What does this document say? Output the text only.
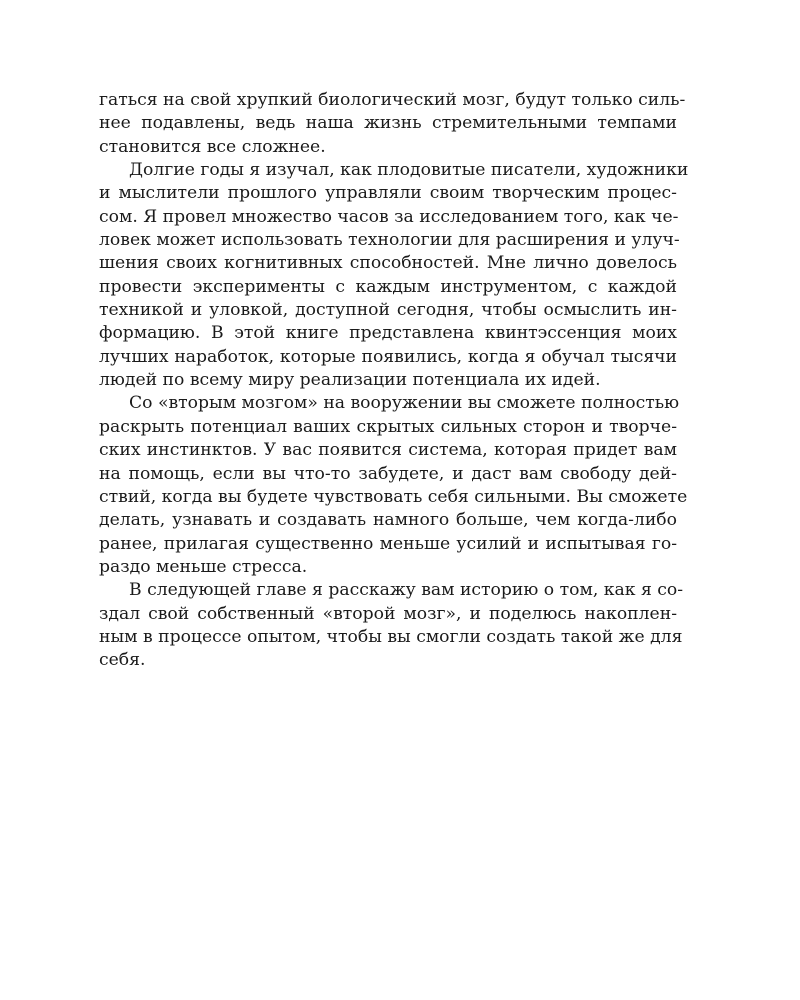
гаться на свой хрупкий биологический мозг, будут только силь-
нее подавлены, ведь наша жизнь стремительными темпами
становится все сложнее.

Долгие годы я изучал, как плодовитые писатели, художники
и мыслители прошлого управляли своим творческим процес-
сом. Я провел множество часов за исследованием того, как че-
ловек может использовать технологии для расширения и улуч-
шения своих когнитивных способностей. Мне лично довелось
провести эксперименты с каждым инструментом, с каждой
техникой и уловкой, доступной сегодня, чтобы осмыслить ин-
формацию. В этой книге представлена квинтэссенция моих
лучших наработок, которые появились, когда я обучал тысячи
людей по всему миру реализации потенциала их идей.

Со «вторым мозгом» на вооружении вы сможете полностью
раскрыть потенциал ваших скрытых сильных сторон и творче-
ских инстинктов. У вас появится система, которая придет вам
на помощь, если вы что-то забудете, и даст вам свободу дей-
ствий, когда вы будете чувствовать себя сильными. Вы сможете
делать, узнавать и создавать намного больше, чем когда-либо
ранее, прилагая существенно меньше усилий и испытывая го-
раздо меньше стресса.

В следующей главе я расскажу вам историю о том, как я со-
здал свой собственный «второй мозг», и поделюсь накоплен-
ным в процессе опытом, чтобы вы смогли создать такой же для
себя.
